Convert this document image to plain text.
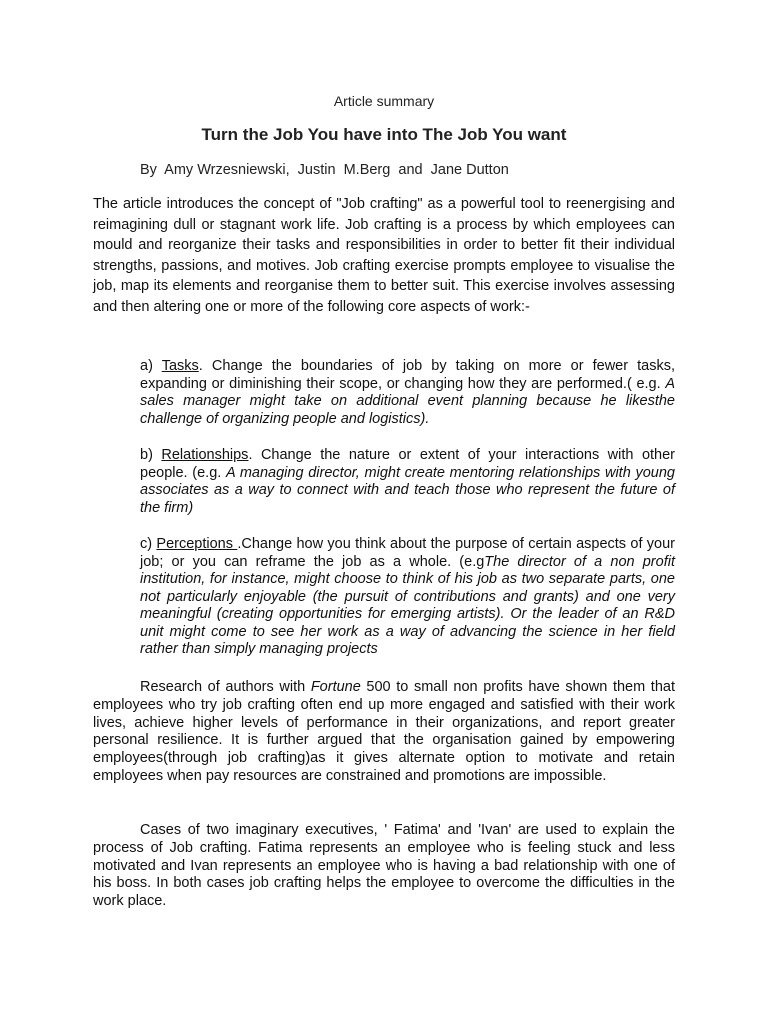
Article summary
Turn the Job You have into The Job You want
By  Amy Wrzesniewski,  Justin  M.Berg  and  Jane Dutton

The article introduces the concept of "Job crafting" as a powerful tool to reenergising and reimagining dull or stagnant work life. Job crafting is a process by which employees can mould and reorganize their tasks and responsibilities in order to better fit their individual strengths, passions, and motives. Job crafting exercise prompts employee to visualise the job, map its elements and reorganise them to better suit. This exercise involves assessing and then altering one or more of the following core aspects of work:-

a) Tasks. Change the boundaries of job by taking on more or fewer tasks, expanding or diminishing their scope, or changing how they are performed.( e.g. A sales manager might take on additional event planning because he likesthe challenge of organizing people and logistics).

b) Relationships. Change the nature or extent of your interactions with other people. (e.g. A managing director, might create mentoring relationships with young associates as a way to connect with and teach those who represent the future of the firm)

c) Perceptions .Change how you think about the purpose of certain aspects of your job; or you can reframe the job as a whole. (e.gThe director of a non profit institution, for instance, might choose to think of his job as two separate parts, one not particularly enjoyable (the pursuit of contributions and grants) and one very meaningful (creating opportunities for emerging artists). Or the leader of an R&D unit might come to see her work as a way of advancing the science in her field rather than simply managing projects

Research of authors with Fortune 500 to small non profits have shown them that employees who try job crafting often end up more engaged and satisfied with their work lives, achieve higher levels of performance in their organizations, and report greater personal resilience. It is further argued that the organisation gained by empowering employees(through job crafting)as it gives alternate option to motivate and retain employees when pay resources are constrained and promotions are impossible.

Cases of two imaginary executives, ' Fatima' and 'Ivan' are used to explain the process of Job crafting. Fatima represents an employee who is feeling stuck and less motivated and Ivan represents an employee who is having a bad relationship with one of his boss. In both cases job crafting helps the employee to overcome the difficulties in the work place.
